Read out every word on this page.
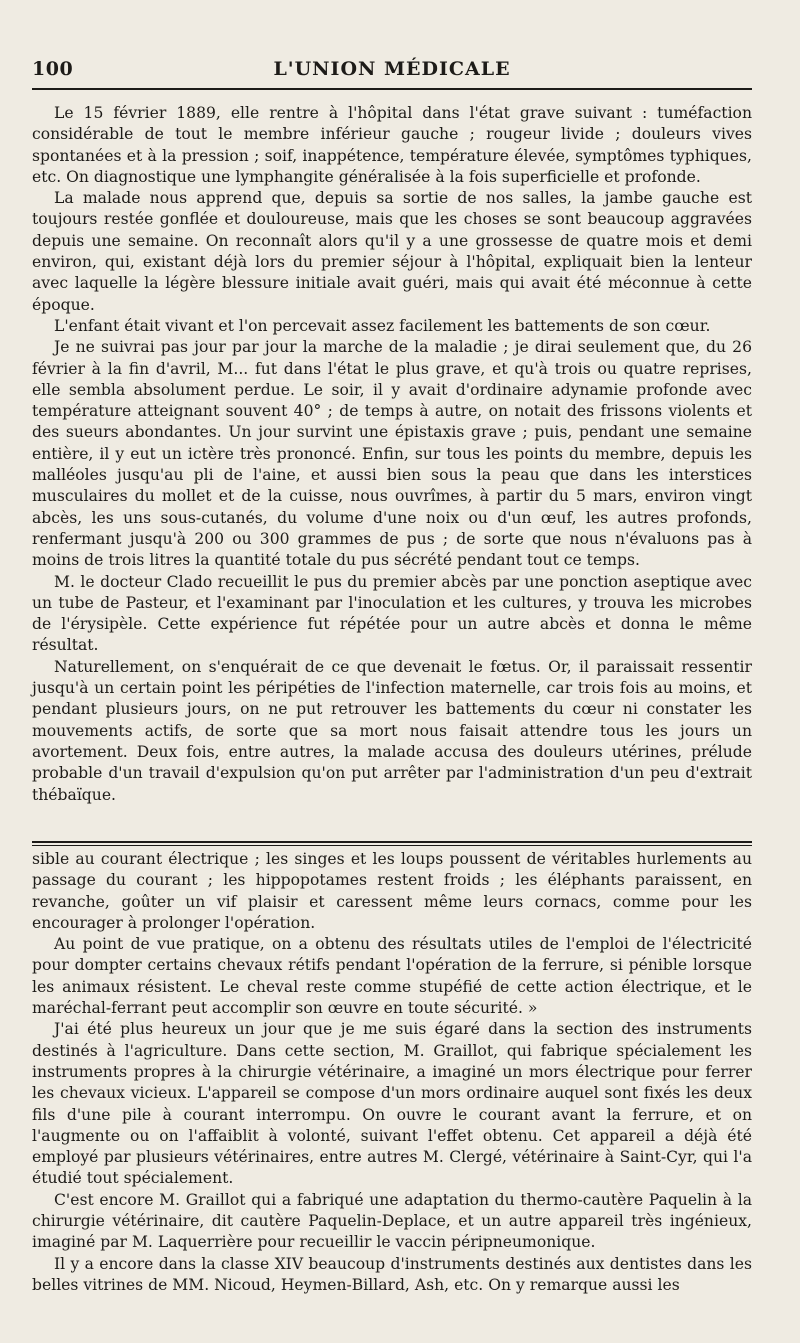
100	L'UNION MÉDICALE

Le 15 février 1889, elle rentre à l'hôpital dans l'état grave suivant : tuméfaction considérable de tout le membre inférieur gauche ; rougeur livide ; douleurs vives spontanées et à la pression ; soif, inappétence, température élevée, symptômes typhiques, etc. On diagnostique une lymphangite généralisée à la fois superficielle et profonde.

La malade nous apprend que, depuis sa sortie de nos salles, la jambe gauche est toujours restée gonflée et douloureuse, mais que les choses se sont beaucoup aggravées depuis une semaine. On reconnaît alors qu'il y a une grossesse de quatre mois et demi environ, qui, existant déjà lors du premier séjour à l'hôpital, expliquait bien la lenteur avec laquelle la légère blessure initiale avait guéri, mais qui avait été méconnue à cette époque.

L'enfant était vivant et l'on percevait assez facilement les battements de son cœur.

Je ne suivrai pas jour par jour la marche de la maladie ; je dirai seulement que, du 26 février à la fin d'avril, M... fut dans l'état le plus grave, et qu'à trois ou quatre reprises, elle sembla absolument perdue. Le soir, il y avait d'ordinaire adynamie profonde avec température atteignant souvent 40° ; de temps à autre, on notait des frissons violents et des sueurs abondantes. Un jour survint une épistaxis grave ; puis, pendant une semaine entière, il y eut un ictère très prononcé. Enfin, sur tous les points du membre, depuis les malléoles jusqu'au pli de l'aine, et aussi bien sous la peau que dans les interstices musculaires du mollet et de la cuisse, nous ouvrîmes, à partir du 5 mars, environ vingt abcès, les uns sous-cutanés, du volume d'une noix ou d'un œuf, les autres profonds, renfermant jusqu'à 200 ou 300 grammes de pus ; de sorte que nous n'évaluons pas à moins de trois litres la quantité totale du pus sécrété pendant tout ce temps.

M. le docteur Clado recueillit le pus du premier abcès par une ponction aseptique avec un tube de Pasteur, et l'examinant par l'inoculation et les cultures, y trouva les microbes de l'érysipèle. Cette expérience fut répétée pour un autre abcès et donna le même résultat.

Naturellement, on s'enquérait de ce que devenait le fœtus. Or, il paraissait ressentir jusqu'à un certain point les péripéties de l'infection maternelle, car trois fois au moins, et pendant plusieurs jours, on ne put retrouver les battements du cœur ni constater les mouvements actifs, de sorte que sa mort nous faisait attendre tous les jours un avortement. Deux fois, entre autres, la malade accusa des douleurs utérines, prélude probable d'un travail d'expulsion qu'on put arrêter par l'administration d'un peu d'extrait thébaïque.

sible au courant électrique ; les singes et les loups poussent de véritables hurlements au passage du courant ; les hippopotames restent froids ; les éléphants paraissent, en revanche, goûter un vif plaisir et caressent même leurs cornacs, comme pour les encourager à prolonger l'opération.

Au point de vue pratique, on a obtenu des résultats utiles de l'emploi de l'électricité pour dompter certains chevaux rétifs pendant l'opération de la ferrure, si pénible lorsque les animaux résistent. Le cheval reste comme stupéfié de cette action électrique, et le maréchal-ferrant peut accomplir son œuvre en toute sécurité. »

J'ai été plus heureux un jour que je me suis égaré dans la section des instruments destinés à l'agriculture. Dans cette section, M. Graillot, qui fabrique spécialement les instruments propres à la chirurgie vétérinaire, a imaginé un mors électrique pour ferrer les chevaux vicieux. L'appareil se compose d'un mors ordinaire auquel sont fixés les deux fils d'une pile à courant interrompu. On ouvre le courant avant la ferrure, et on l'augmente ou on l'affaiblit à volonté, suivant l'effet obtenu. Cet appareil a déjà été employé par plusieurs vétérinaires, entre autres M. Clergé, vétérinaire à Saint-Cyr, qui l'a étudié tout spécialement.

C'est encore M. Graillot qui a fabriqué une adaptation du thermo-cautère Paquelin à la chirurgie vétérinaire, dit cautère Paquelin-Deplace, et un autre appareil très ingénieux, imaginé par M. Laquerrière pour recueillir le vaccin péripneumonique.

Il y a encore dans la classe XIV beaucoup d'instruments destinés aux dentistes dans les belles vitrines de MM. Nicoud, Heymen-Billard, Ash, etc. On y remarque aussi les
